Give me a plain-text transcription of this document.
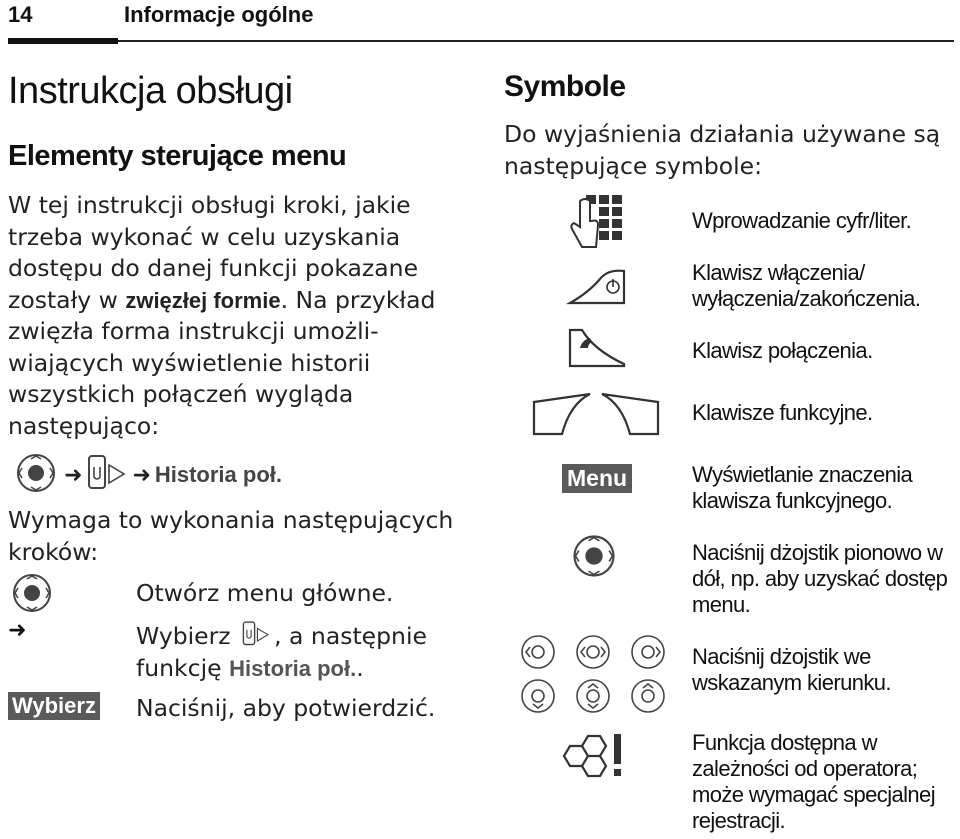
14	Informacje ogólne
Instrukcja obsługi
Elementy sterujące menu
W tej instrukcji obsługi kroki, jakie trzeba wykonać w celu uzyskania dostępu do danej funkcji pokazane zostały w zwięzłej formie. Na przykład zwięzła forma instrukcji umożli-wiających wyświetlenie historii wszystkich połączeń wygląda następująco:
➜ ➜ Historia poł.
Wymaga to wykonania następujących kroków:
Otwórz menu główne.
➜	Wybierz , a następnie funkcję Historia poł..
Wybierz Naciśnij, aby potwierdzić.
Symbole
Do wyjaśnienia działania używane są następujące symbole:
Wprowadzanie cyfr/liter.
Klawisz włączenia/ wyłączenia/zakończenia.
Klawisz połączenia.
Klawisze funkcyjne.
Menu	Wyświetlanie znaczenia klawisza funkcyjnego.
Naciśnij dżojstik pionowo w dół, np. aby uzyskać dostęp menu.
Naciśnij dżojstik we wskazanym kierunku.
Funkcja dostępna w zależności od operatora; może wymagać specjalnej rejestracji.
